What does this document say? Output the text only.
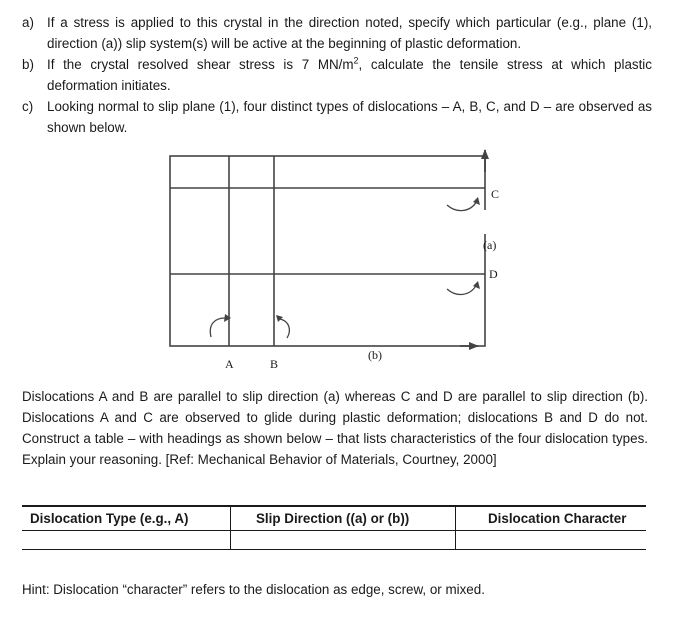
a) If a stress is applied to this crystal in the direction noted, specify which particular (e.g., plane (1), direction (a)) slip system(s) will be active at the beginning of plastic deformation.
b) If the crystal resolved shear stress is 7 $MN/m^2$, calculate the tensile stress at which plastic deformation initiates.
c) Looking normal to slip plane (1), four distinct types of dislocations – A, B, C, and D – are observed as shown below.
A	B
C
D
(a)
(b)
Dislocations A and B are parallel to slip direction (a) whereas C and D are parallel to slip direction (b). Dislocations A and C are observed to glide during plastic deformation; dislocations B and D do not. Construct a table – with headings as shown below – that lists characteristics of the four dislocation types. Explain your reasoning. [Ref: Mechanical Behavior of Materials, Courtney, 2000]
Dislocation Type (e.g., A)	Slip Direction ((a) or (b))	Dislocation Character

Hint: Dislocation “character” refers to the dislocation as edge, screw, or mixed.
